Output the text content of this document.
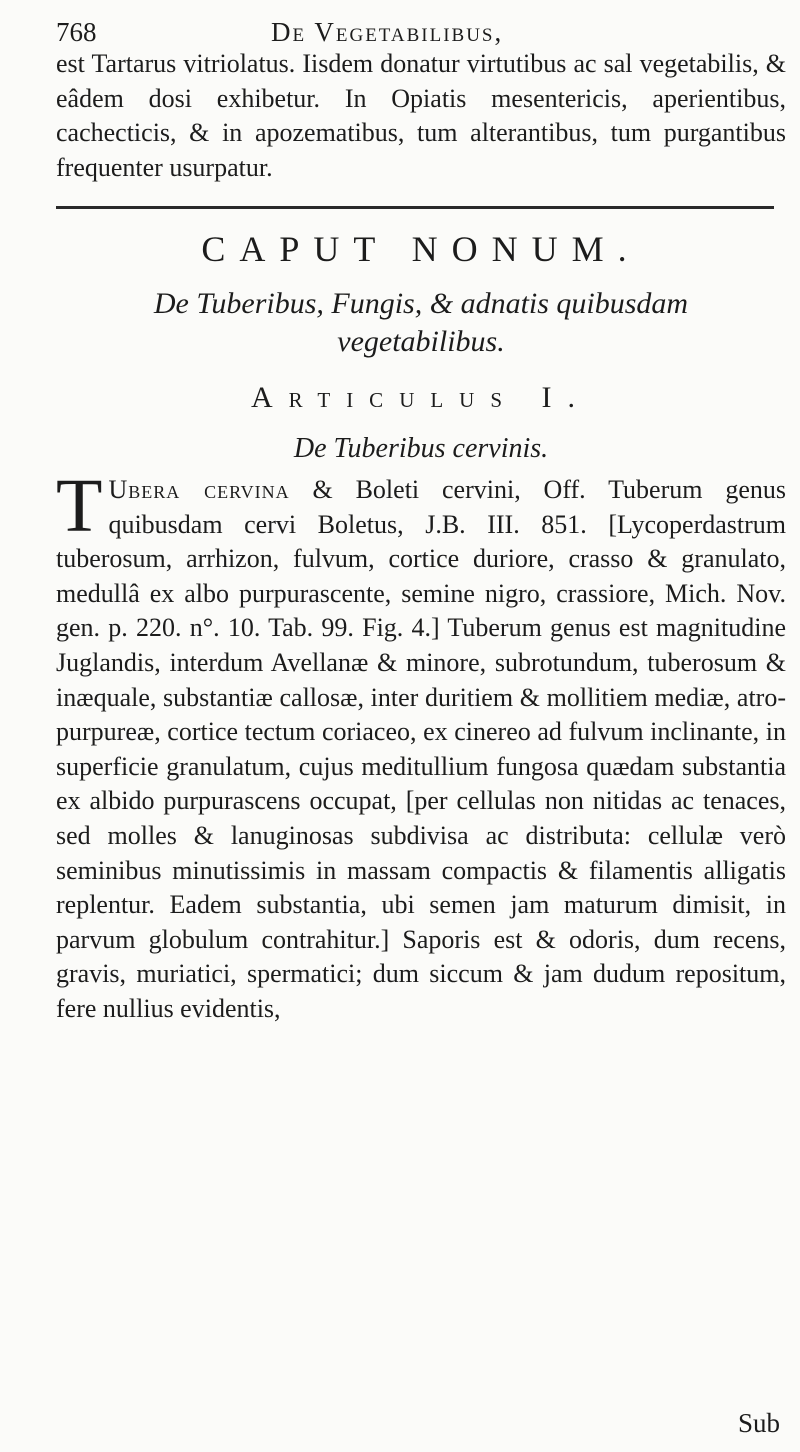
768	De Vegetabilibus,

est Tartarus vitriolatus. Iisdem donatur virtutibus ac sal vegetabilis, & eâdem dosi exhibetur. In Opiatis mesentericis, aperientibus, cachecticis, & in apozematibus, tum alterantibus, tum purgantibus frequenter usurpatur.

CAPUT NONUM.
De Tuberibus, Fungis, & adnatis quibusdam
vegetabilibus.
Articulus I.
De Tuberibus cervinis.

T Ubera cervina & Boleti cervini, Off. Tuberum genus quibusdam cervi Boletus, J.B. III. 851. [Lycoperdastrum tuberosum, arrhizon, fulvum, cortice duriore, crasso & granulato, medullâ ex albo purpurascente, semine nigro, crassiore, Mich. Nov. gen. p. 220. n°. 10. Tab. 99. Fig. 4.] Tuberum genus est magnitudine Juglandis, interdum Avellanæ & minore, subrotundum, tuberosum & inæquale, substantiæ callosæ, inter duritiem & mollitiem mediæ, atro-purpureæ, cortice tectum coriaceo, ex cinereo ad fulvum inclinante, in superficie granulatum, cujus meditullium fungosa quædam substantia ex albido purpurascens occupat, [per cellulas non nitidas ac tenaces, sed molles & lanuginosas subdivisa ac distributa: cellulæ verò seminibus minutissimis in massam compactis & filamentis alligatis replentur. Eadem substantia, ubi semen jam maturum dimisit, in parvum globulum contrahitur.] Saporis est & odoris, dum recens, gravis, muriatici, spermatici; dum siccum & jam dudum repositum, fere nullius evidentis,

Sub
